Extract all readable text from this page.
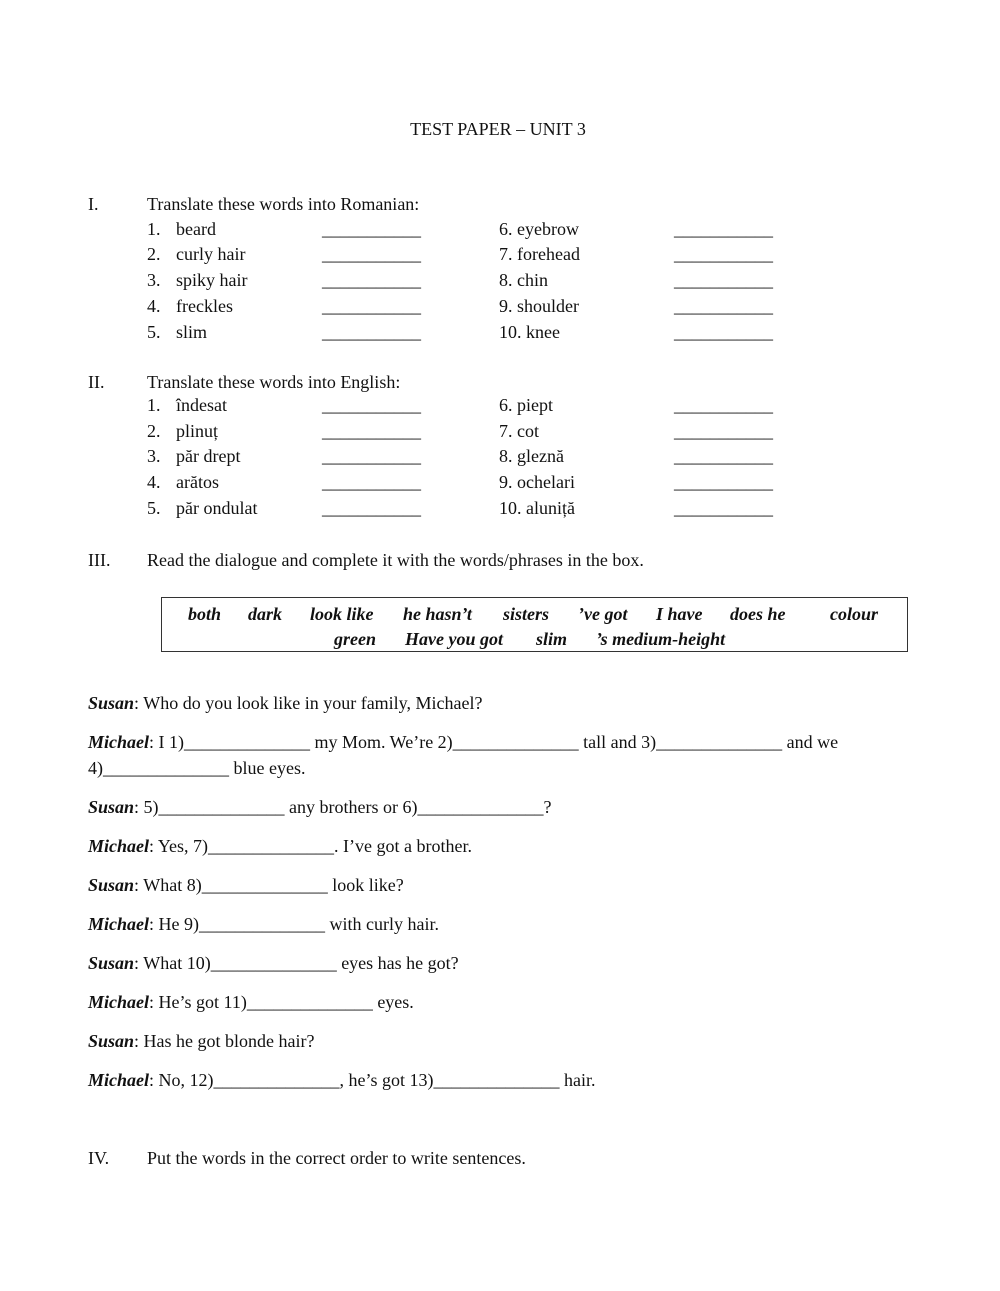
TEST PAPER – UNIT 3
I.	Translate these words into Romanian:
1. beard	___________	6. eyebrow	___________
2. curly hair	___________	7. forehead	___________
3. spiky hair	___________	8. chin	___________
4. freckles	___________	9. shoulder	___________
5. slim	___________	10. knee	___________
II. Translate these words into English:
1. îndesat	___________	6. piept	___________
2. plinuț	___________	7. cot	___________
3. păr drept	___________	8. gleznă	___________
4. arătos	___________	9. ochelari	___________
5. păr ondulat	___________	10. aluniță	___________
III. Read the dialogue and complete it with the words/phrases in the box.
both dark look like he hasn’t sisters ’ve got I have does he colour
green Have you got slim ’s medium-height
Susan: Who do you look like in your family, Michael?
Michael: I 1)______________ my Mom. We’re 2)______________ tall and 3)______________ and we
4)______________ blue eyes.
Susan: 5)______________ any brothers or 6)______________?
Michael: Yes, 7)______________. I’ve got a brother.
Susan: What 8)______________ look like?
Michael: He 9)______________ with curly hair.
Susan: What 10)______________ eyes has he got?
Michael: He’s got 11)______________ eyes.
Susan: Has he got blonde hair?
Michael: No, 12)______________, he’s got 13)______________ hair.
IV. Put the words in the correct order to write sentences.
